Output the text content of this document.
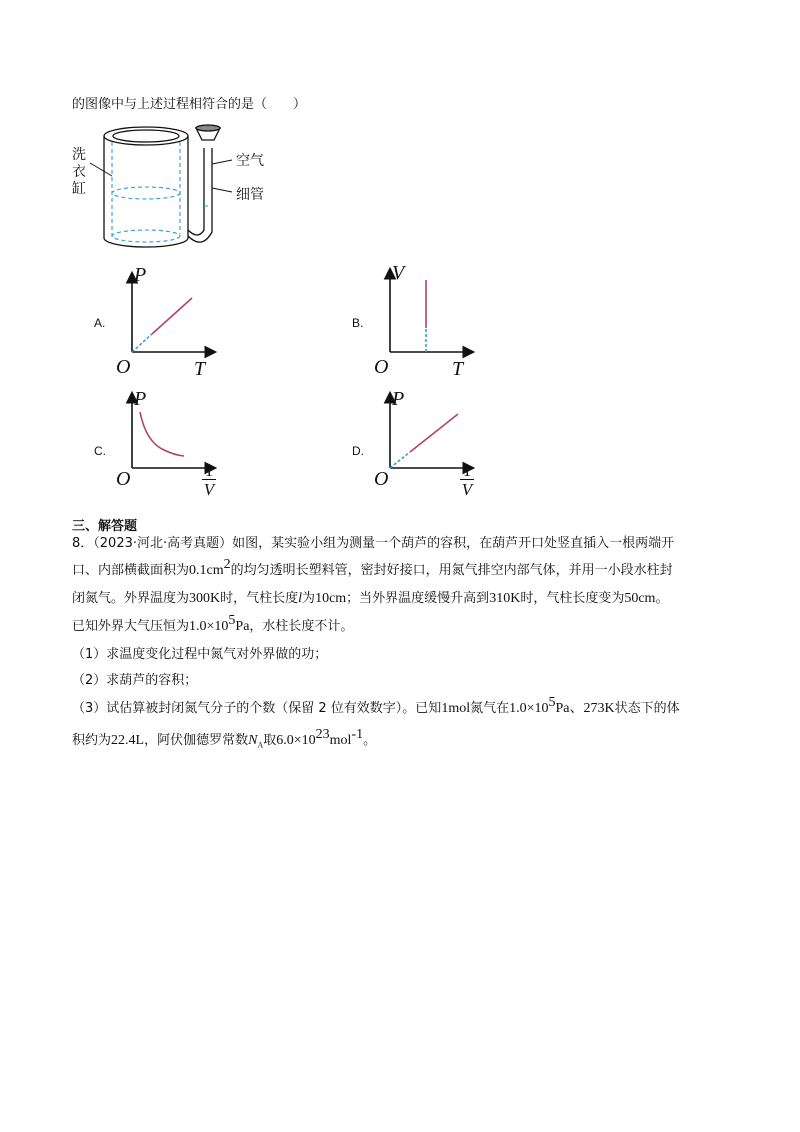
的图像中与上述过程相符合的是（　　）
洗
衣
缸
空气
细管
A.
P
O	T
B.
V
O	T
C.
P
O	1
V
D.
P
O	1
V
三、解答题
8．（2023·河北·高考真题）如图，某实验小组为测量一个葫芦的容积，在葫芦开口处竖直插入一根两端开
口、内部横截面积为$0.1cm^2$的均匀透明长塑料管，密封好接口，用氮气排空内部气体，并用一小段水柱封
闭氮气。外界温度为300K时，气柱长度l为10cm；当外界温度缓慢升高到310K时，气柱长度变为50cm。
已知外界大气压恒为$1.0\times 10^5Pa$，水柱长度不计。
（1）求温度变化过程中氮气对外界做的功；
（2）求葫芦的容积；
（3）试估算被封闭氮气分子的个数（保留 2 位有效数字）。已知1mol氮气在$1.0\times 10^5Pa$、273K状态下的体
积约为22.4L，阿伏伽德罗常数$N_A$取$6.0\times 10^{23}mol^{-1}$。
